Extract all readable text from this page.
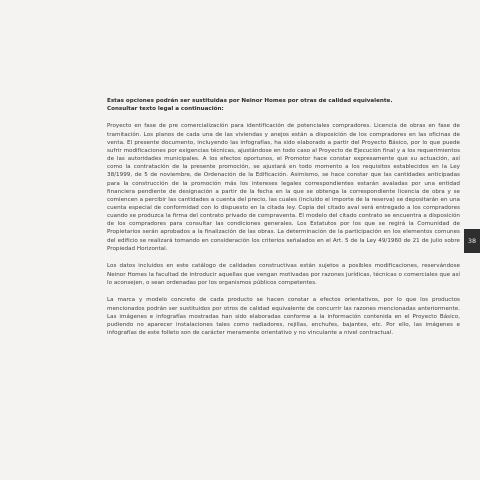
Estas opciones podrán ser sustituidas por Neinor Homes por otras de calidad equivalente.
Consultar texto legal a continuación:

Proyecto en fase de pre comercialización para identificación de potenciales compradores. Licencia de obras en fase de tramitación. Los planos de cada una de las viviendas y anejos están a disposición de los compradores en las oficinas de venta. El presente documento, incluyendo las infografías, ha sido elaborado a partir del Proyecto Básico, por lo que puede sufrir modificaciones por exigencias técnicas, ajustándose en todo caso al Proyecto de Ejecución final y a los requerimientos de las autoridades municipales. A los efectos oportunos, el Promotor hace constar expresamente que su actuación, así como la contratación de la presente promoción, se ajustará en todo momento a los requisitos establecidos en la Ley 38/1999, de 5 de noviembre, de Ordenación de la Edificación. Asimismo, se hace constar que las cantidades anticipadas para la construcción de la promoción más los intereses legales correspondientes estarán avaladas por una entidad financiera pendiente de designación a partir de la fecha en la que se obtenga la correspondiente licencia de obra y se comiencen a percibir las cantidades a cuenta del precio, las cuales (incluido el importe de la reserva) se depositarán en una cuenta especial de conformidad con lo dispuesto en la citada ley. Copia del citado aval será entregado a los compradores cuando se produzca la firma del contrato privado de compraventa. El modelo del citado contrato se encuentra a disposición de los compradores para consultar las condiciones generales. Los Estatutos por los que se regirá la Comunidad de Propietarios serán aprobados a la finalización de las obras. La determinación de la participación en los elementos comunes del edificio se realizará tomando en consideración los criterios señalados en el Art. 5 de la Ley 49/1960 de 21 de julio sobre Propiedad Horizontal.

Los datos incluidos en este catálogo de calidades constructivas están sujetos a posibles modificaciones, reservándose Neinor Homes la facultad de introducir aquellas que vengan motivadas por razones jurídicas, técnicas o comerciales que así lo aconsejen, o sean ordenadas por los organismos públicos competentes.

La marca y modelo concreto de cada producto se hacen constar a efectos orientativos, por lo que los productos mencionados podrán ser sustituidos por otros de calidad equivalente de concurrir las razones mencionadas anteriormente. Las imágenes e infografías mostradas han sido elaboradas conforme a la información contenida en el Proyecto Básico, pudiendo no aparecer instalaciones tales como radiadores, rejillas, enchufes, bajantes, etc. Por ello, las imágenes e infografías de este folleto son de carácter meramente orientativo y no vinculante a nivel contractual.

38
